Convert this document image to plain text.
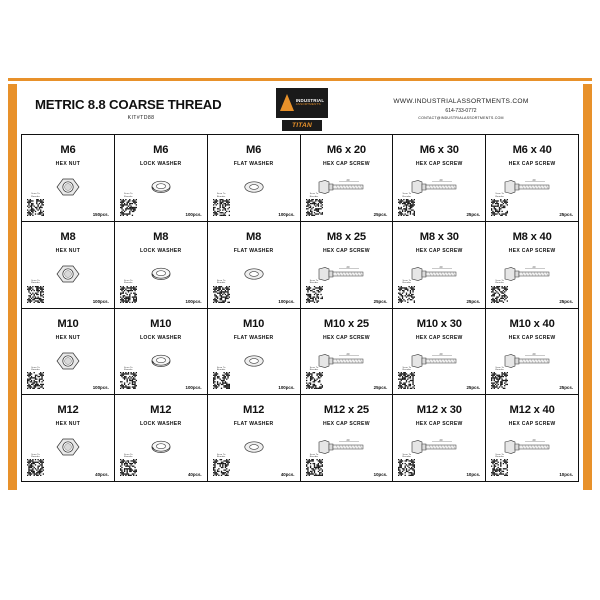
METRIC 8.8 COARSE THREAD
KIT#TD88
INDUSTRIAL
ASSORTMENTS
TITAN
WWW.INDUSTRIALASSORTMENTS.COM
614-733-0772
CONTACT@INDUSTRIALASSORTMENTS.COM
M6
HEX NUT
Scan To Reorder
150pcs.
M6
LOCK WASHER
Scan To Reorder
100pcs.
M6
FLAT WASHER
Scan To Reorder
100pcs.
M6 x 20
HEX CAP SCREW
20
Scan To Reorder
25pcs.
M6 x 30
HEX CAP SCREW
20
Scan To Reorder
25pcs.
M6 x 40
HEX CAP SCREW
20
Scan To Reorder
25pcs.
M8
HEX NUT
Scan To Reorder
100pcs.
M8
LOCK WASHER
Scan To Reorder
100pcs.
M8
FLAT WASHER
Scan To Reorder
100pcs.
M8 x 25
HEX CAP SCREW
20
Scan To Reorder
25pcs.
M8 x 30
HEX CAP SCREW
20
Scan To Reorder
25pcs.
M8 x 40
HEX CAP SCREW
20
Scan To Reorder
25pcs.
M10
HEX NUT
Scan To Reorder
100pcs.
M10
LOCK WASHER
Scan To Reorder
100pcs.
M10
FLAT WASHER
Scan To Reorder
100pcs.
M10 x 25
HEX CAP SCREW
20
Scan To Reorder
25pcs.
M10 x 30
HEX CAP SCREW
20
Scan To Reorder
25pcs.
M10 x 40
HEX CAP SCREW
20
Scan To Reorder
25pcs.
M12
HEX NUT
Scan To Reorder
40pcs.
M12
LOCK WASHER
Scan To Reorder
40pcs.
M12
FLAT WASHER
Scan To Reorder
40pcs.
M12 x 25
HEX CAP SCREW
20
Scan To Reorder
10pcs.
M12 x 30
HEX CAP SCREW
20
Scan To Reorder
10pcs.
M12 x 40
HEX CAP SCREW
20
Scan To Reorder
10pcs.
